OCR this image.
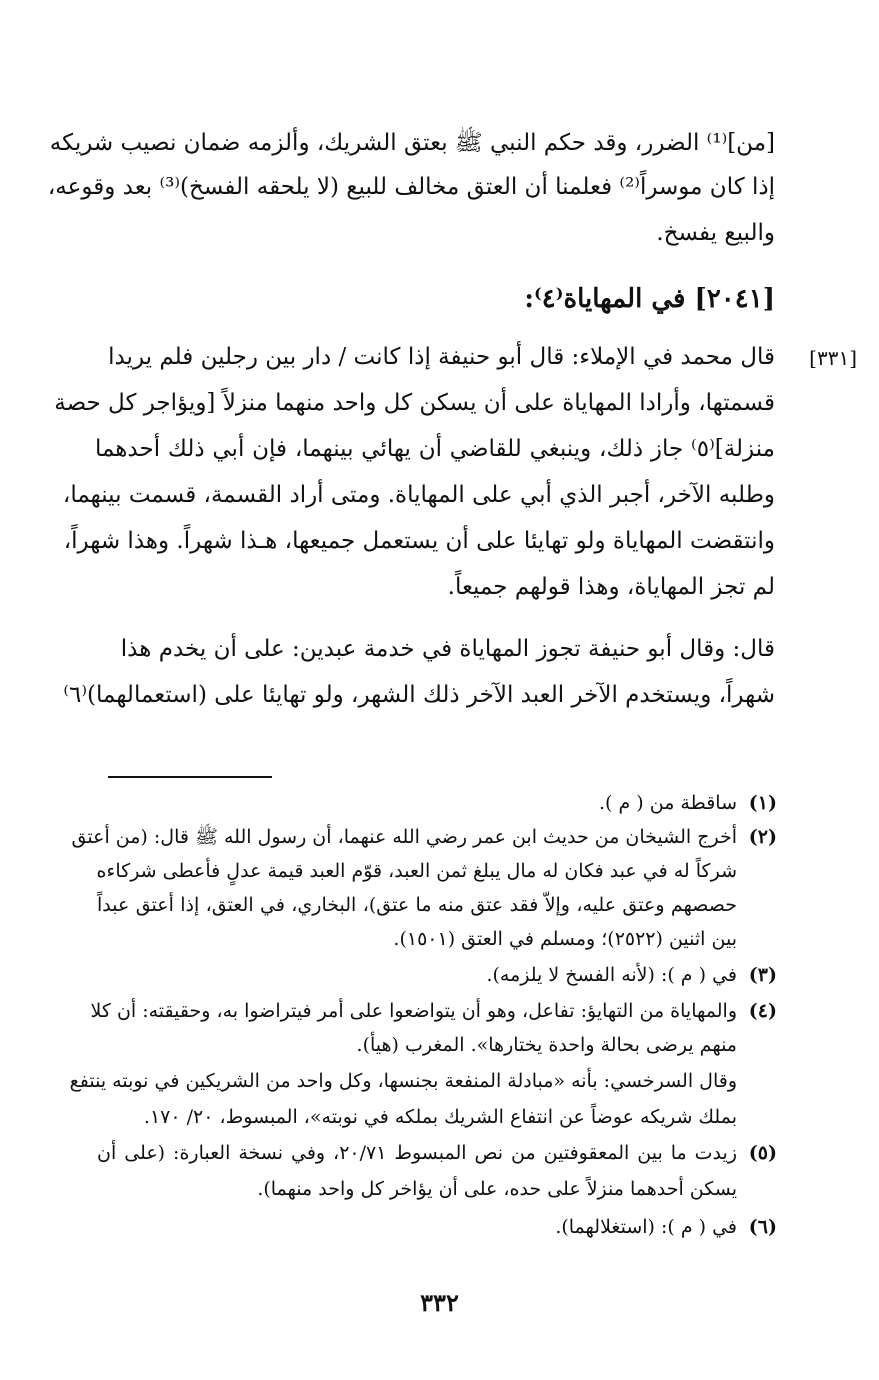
[من]⁽¹⁾ الضرر، وقد حكم النبي ﷺ بعتق الشريك، وألزمه ضمان نصيب شريكه
إذا كان موسراً⁽²⁾ فعلمنا أن العتق مخالف للبيع (لا يلحقه الفسخ)⁽³⁾ بعد وقوعه،
والبيع يفسخ.
[٢٠٤١] في المهاياة⁽٤⁾:
[٣٣١]
قال محمد في الإملاء: قال أبو حنيفة إذا كانت / دار بين رجلين فلم يريدا
قسمتها، وأرادا المهاياة على أن يسكن كل واحد منهما منزلاً [ويؤاجر كل حصة
منزلة]⁽٥⁾ جاز ذلك، وينبغي للقاضي أن يهائي بينهما، فإن أبي ذلك أحدهما
وطلبه الآخر، أجبر الذي أبي على المهاياة. ومتى أراد القسمة، قسمت بينهما،
وانتقضت المهاياة ولو تهايئا على أن يستعمل جميعها، هـذا شهراً. وهذا شهراً،
لم تجز المهاياة، وهذا قولهم جميعاً.
قال: وقال أبو حنيفة تجوز المهاياة في خدمة عبدين: على أن يخدم هذا
شهراً، ويستخدم الآخر العبد الآخر ذلك الشهر، ولو تهايئا على (استعمالهما)⁽٦⁾
(١)
ساقطة من ( م ).
(٢)
أخرج الشيخان من حديث ابن عمر رضي الله عنهما، أن رسول الله ﷺ قال: (من أعتق
شركاً له في عبد فكان له مال يبلغ ثمن العبد، قوّم العبد قيمة عدلٍ فأعطى شركاءه
حصصهم وعتق عليه، وإلاّ فقد عتق منه ما عتق)، البخاري، في العتق، إذا أعتق عبداً
بين اثنين (٢٥٢٢)؛ ومسلم في العتق (١٥٠١).
(٣)
في ( م ): (لأنه الفسخ لا يلزمه).
(٤)
والمهاياة من التهايؤ: تفاعل، وهو أن يتواضعوا على أمر فيتراضوا به، وحقيقته: أن كلا
منهم يرضى بحالة واحدة يختارها». المغرب (هيأ).
وقال السرخسي: بأنه «مبادلة المنفعة بجنسها، وكل واحد من الشريكين في نوبته ينتفع
بملك شريكه عوضاً عن انتفاع الشريك بملكه في نوبته»، المبسوط، ٢٠/ ١٧٠.
(٥)
زيدت ما بين المعقوفتين من نص المبسوط ٢٠/٧١، وفي نسخة العبارة: (على أن
يسكن أحدهما منزلاً على حده، على أن يؤاخر كل واحد منهما).
(٦)
في ( م ): (استغلالهما).
٣٣٢
